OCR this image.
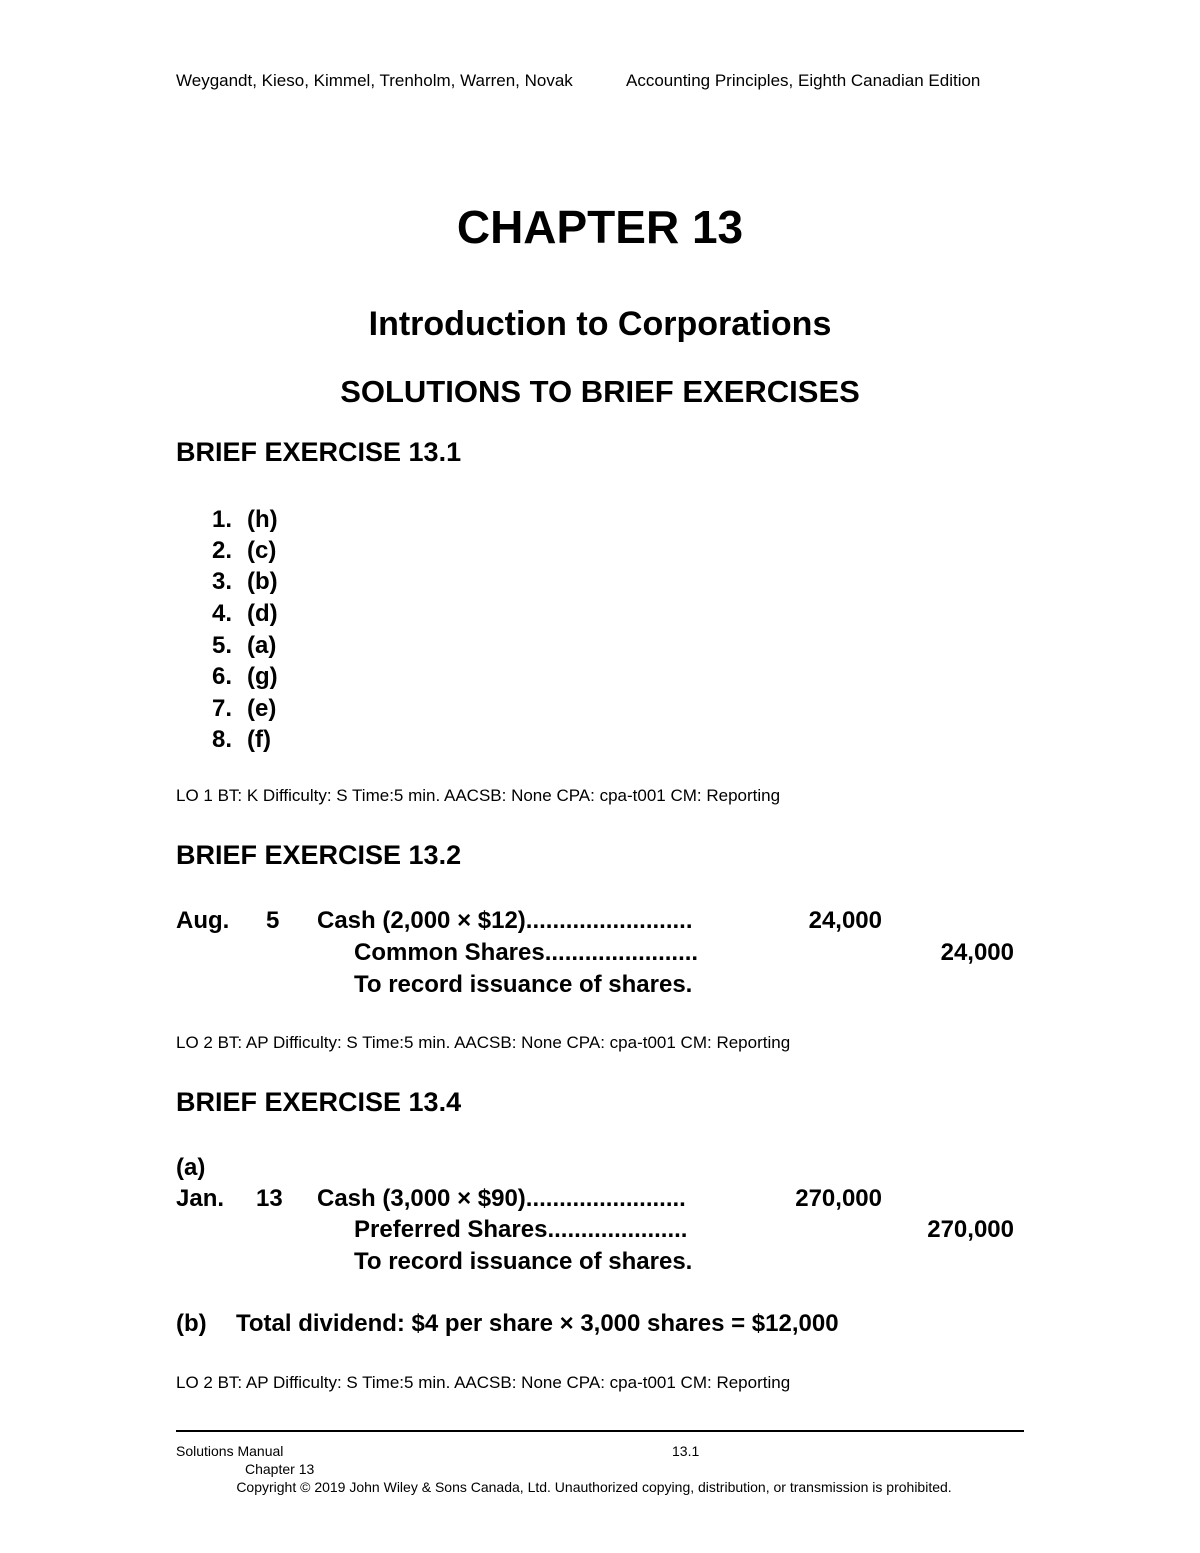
Weygandt, Kieso, Kimmel, Trenholm, Warren, Novak	Accounting Principles, Eighth Canadian Edition
CHAPTER 13
Introduction to Corporations
SOLUTIONS TO BRIEF EXERCISES
BRIEF EXERCISE 13.1
1. (h)
2. (c)
3. (b)
4. (d)
5. (a)
6. (g)
7. (e)
8. (f)
LO 1 BT: K Difficulty: S Time:5 min. AACSB: None CPA: cpa-t001 CM: Reporting
BRIEF EXERCISE 13.2
Aug. 5 Cash (2,000 × $12).........................	24,000
Common Shares.......................	24,000
To record issuance of shares.
LO 2 BT: AP Difficulty: S Time:5 min. AACSB: None CPA: cpa-t001 CM: Reporting
BRIEF EXERCISE 13.4
(a)
Jan. 13 Cash (3,000 × $90)........................	270,000
Preferred Shares.....................	270,000
To record issuance of shares.
(b) Total dividend: $4 per share × 3,000 shares = $12,000
LO 2 BT: AP Difficulty: S Time:5 min. AACSB: None CPA: cpa-t001 CM: Reporting
Solutions Manual	13.1
Chapter 13
Copyright © 2019 John Wiley & Sons Canada, Ltd. Unauthorized copying, distribution, or transmission is prohibited.
